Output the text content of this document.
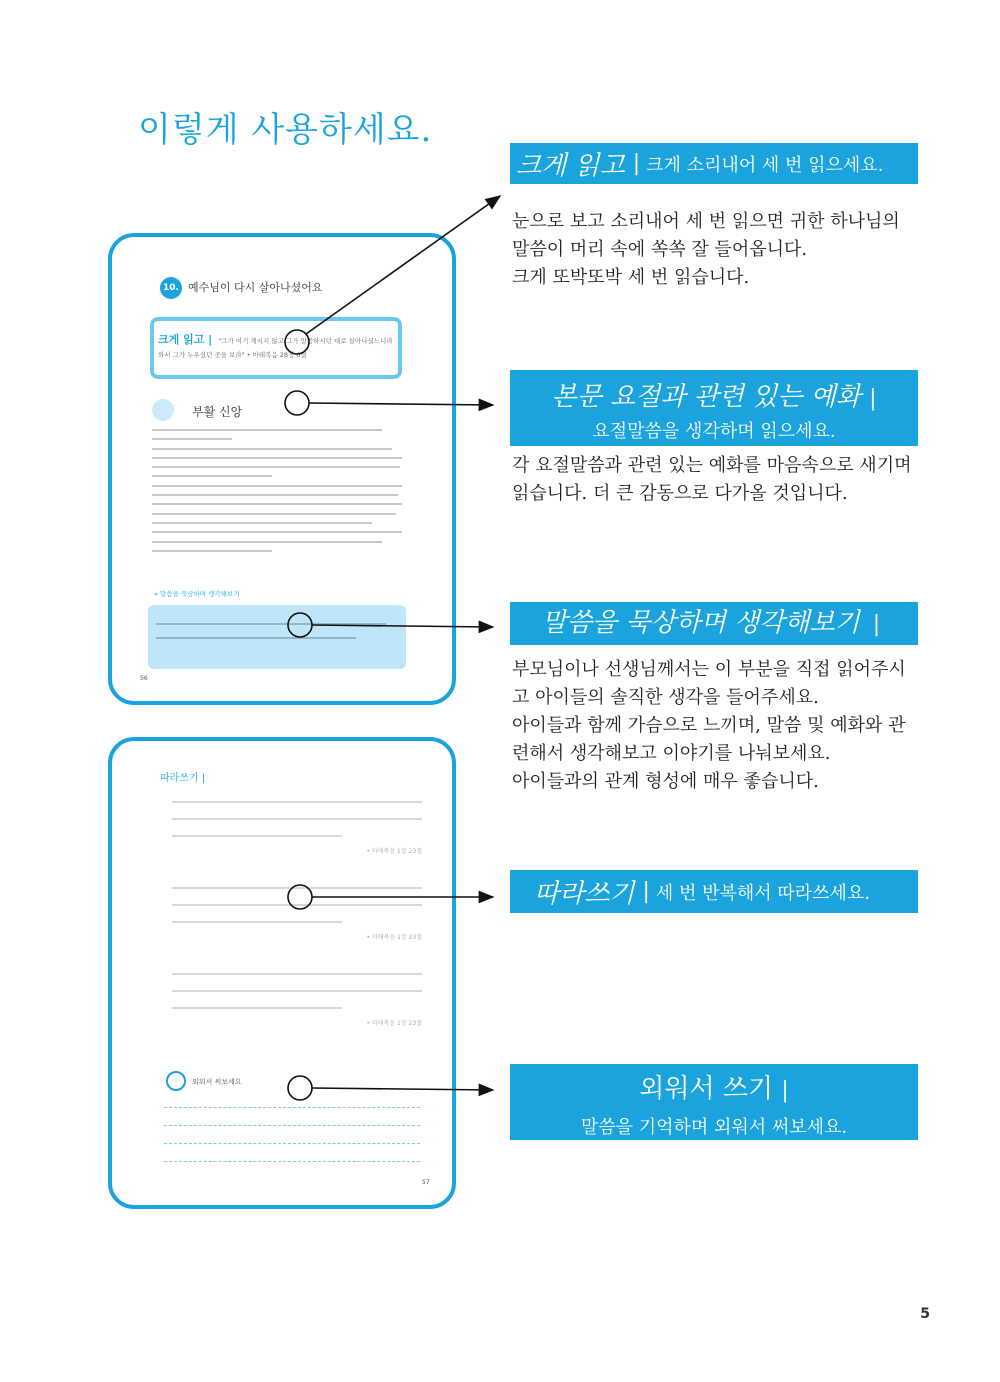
이렇게 사용하세요.
10. 예수님이 다시 살아나셨어요
크게 읽고 | "그가 여기 계시지 않고 그가 말씀하시던 대로 살아나셨느니라 와서 그가 누우셨던 곳을 보라" • 마태복음 28장 6절
부활 신앙
» 말씀을 묵상하며 생각해보기
56
따라쓰기 |
• 마태복음 1장 23절
• 마태복음 1장 23절
• 마태복음 1장 23절
외워서 써보세요
57
크게 읽고 | 크게 소리내어 세 번 읽으세요.
눈으로 보고 소리내어 세 번 읽으면 귀한 하나님의
말씀이 머리 속에 쏙쏙 잘 들어옵니다.
크게 또박또박 세 번 읽습니다.
본문 요절과 관련 있는 예화 |
요절말씀을 생각하며 읽으세요.
각 요절말씀과 관련 있는 예화를 마음속으로 새기며
읽습니다. 더 큰 감동으로 다가올 것입니다.
말씀을 묵상하며 생각해보기 |
부모님이나 선생님께서는 이 부분을 직접 읽어주시
고 아이들의 솔직한 생각을 들어주세요.
아이들과 함께 가슴으로 느끼며, 말씀 및 예화와 관
련해서 생각해보고 이야기를 나눠보세요.
아이들과의 관계 형성에 매우 좋습니다.
따라쓰기 | 세 번 반복해서 따라쓰세요.
외워서 쓰기 |
말씀을 기억하며 외워서 써보세요.
5
